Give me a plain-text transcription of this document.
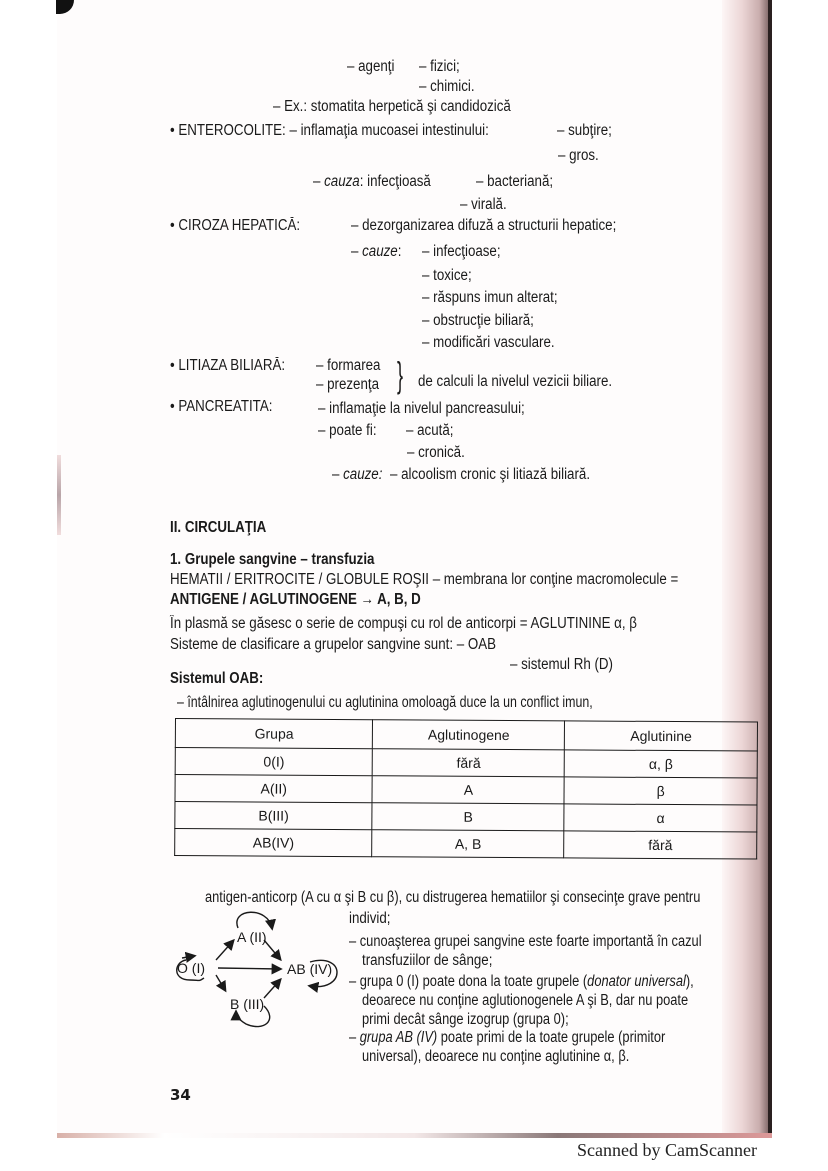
– agenţi – fizici;
– chimici.
– Ex.: stomatita herpetică şi candidozică
• ENTEROCOLITE: – inflamaţia mucoasei intestinului:	– subţire;
– gros.
– cauza: infecţioasă	– bacteriană;
– virală.
• CIROZA HEPATICĂ:	– dezorganizarea difuză a structurii hepatice;
– cauze: – infecţioase;
– toxice;
– răspuns imun alterat;
– obstrucţie biliară;
– modificări vasculare.
• LITIAZA BILIARĂ: – formarea
– prezenţa } de calculi la nivelul vezicii biliare.
• PANCREATITA:	– inflamaţie la nivelul pancreasului;
– poate fi: – acută;
– cronică.
– cauze: – alcoolism cronic şi litiază biliară.
II. CIRCULAŢIA
1. Grupele sangvine – transfuzia
HEMATII / ERITROCITE / GLOBULE ROŞII – membrana lor conţine macromolecule =
ANTIGENE / AGLUTINOGENE → A, B, D
În plasmă se găsesc o serie de compuşi cu rol de anticorpi = AGLUTININE α, β
Sisteme de clasificare a grupelor sangvine sunt: – OAB
– sistemul Rh (D)
Sistemul OAB:
– întâlnirea aglutinogenului cu aglutinina omoloagă duce la un conflict imun,
Grupa	Aglutinogene	Aglutinine
0(I)	fără	α, β
A(II)	A	β
B(III)	B	α
AB(IV)	A, B	fără
antigen-anticorp (A cu α şi B cu β), cu distrugerea hematiilor şi consecinţe grave pentru
individ;
– cunoaşterea grupei sangvine este foarte importantă în cazul
transfuziilor de sânge;
– grupa 0 (I) poate dona la toate grupele (donator universal),
deoarece nu conţine aglutionogenele A şi B, dar nu poate
primi decât sânge izogrup (grupa 0);
– grupa AB (IV) poate primi de la toate grupele (primitor
universal), deoarece nu conţine aglutinine α, β.
O (I)
A (II)
B (III)
AB (IV)
34
Scanned by CamScanner
